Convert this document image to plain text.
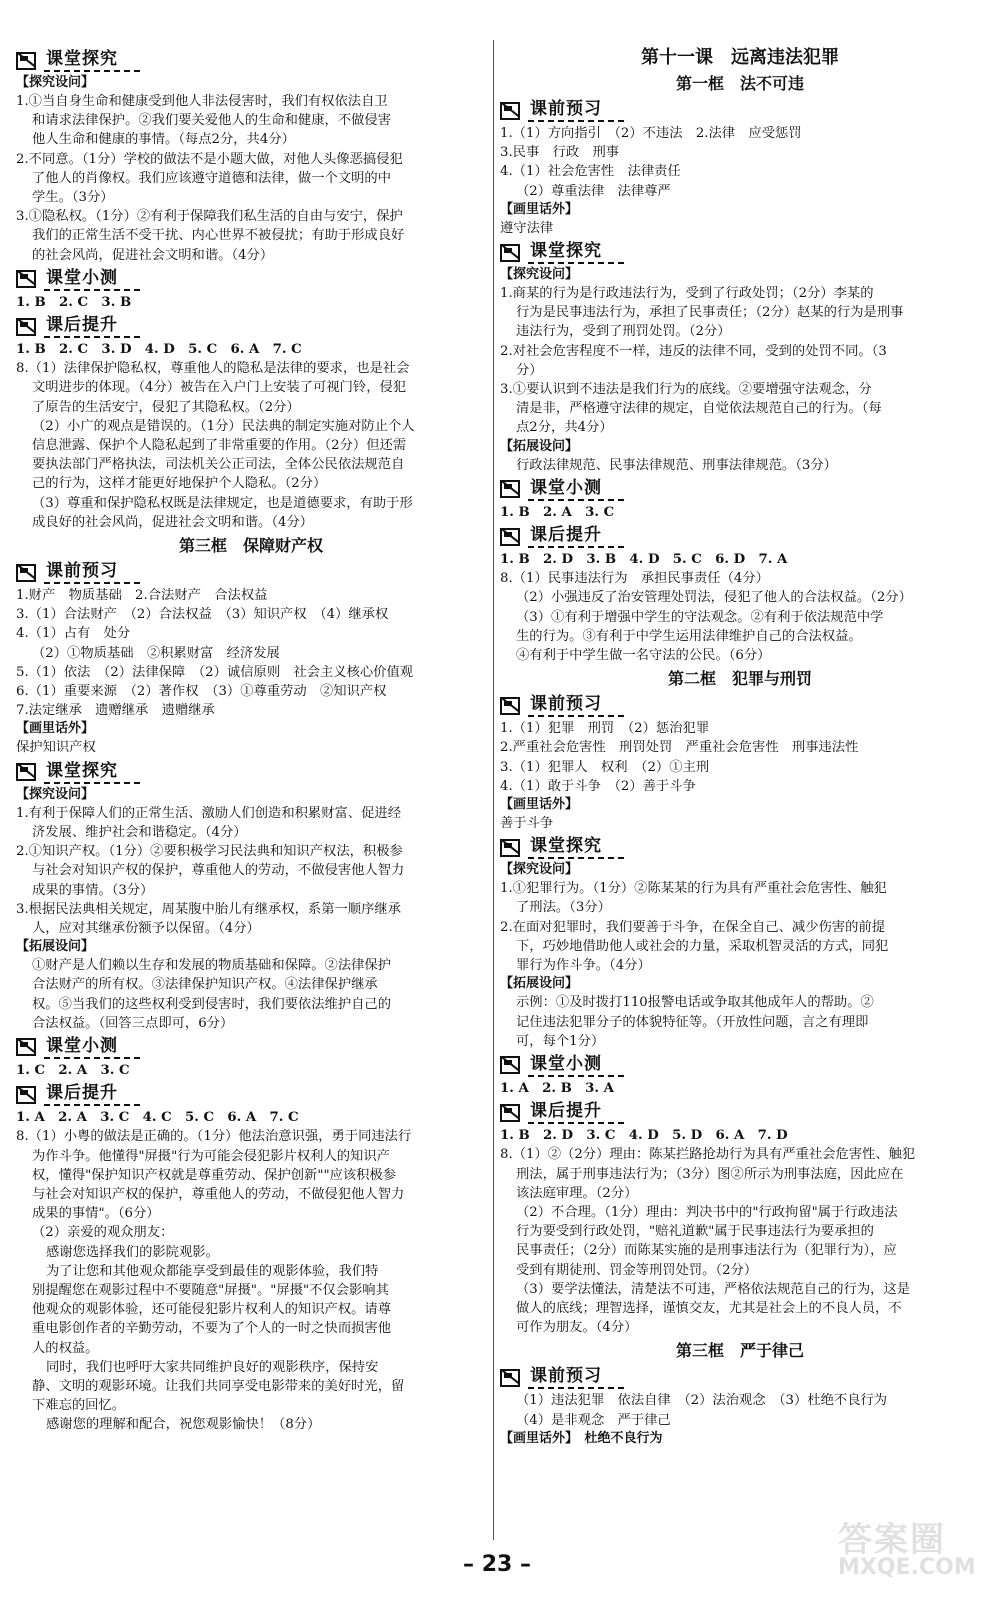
课堂探究
【探究设问】
1.①当自身生命和健康受到他人非法侵害时，我们有权依法自卫
和请求法律保护。②我们要关爱他人的生命和健康，不做侵害
他人生命和健康的事情。（每点2分，共4分）
2.不同意。（1分）学校的做法不是小题大做，对他人头像恶搞侵犯
了他人的肖像权。我们应该遵守道德和法律，做一个文明的中
学生。（3分）
3.①隐私权。（1分）②有利于保障我们私生活的自由与安宁，保护
我们的正常生活不受干扰、内心世界不被侵扰；有助于形成良好
的社会风尚，促进社会文明和谐。（4分）
课堂小测
1. B　2. C　3. B
课后提升
1. B　2. C　3. D　4. D　5. C　6. A　7. C
8.（1）法律保护隐私权，尊重他人的隐私是法律的要求，也是社会
文明进步的体现。（4分）被告在入户门上安装了可视门铃，侵犯
了原告的生活安宁，侵犯了其隐私权。（2分）
（2）小广的观点是错误的。（1分）民法典的制定实施对防止个人
信息泄露、保护个人隐私起到了非常重要的作用。（2分）但还需
要执法部门严格执法，司法机关公正司法，全体公民依法规范自
己的行为，这样才能更好地保护个人隐私。（2分）
（3）尊重和保护隐私权既是法律规定，也是道德要求，有助于形
成良好的社会风尚，促进社会文明和谐。（4分）
第三框　保障财产权
课前预习
1.财产　物质基础　2.合法财产　合法权益
3.（1）合法财产　（2）合法权益　（3）知识产权　（4）继承权
4.（1）占有　处分
（2）①物质基础　②积累财富　经济发展
5.（1）依法　（2）法律保障　（2）诚信原则　社会主义核心价值观
6.（1）重要来源　（2）著作权　（3）①尊重劳动　②知识产权
7.法定继承　遗赠继承　遗赠继承
【画里话外】
保护知识产权
课堂探究
【探究设问】
1.有利于保障人们的正常生活、激励人们创造和积累财富、促进经
济发展、维护社会和谐稳定。（4分）
2.①知识产权。（1分）②要积极学习民法典和知识产权法，积极参
与社会对知识产权的保护，尊重他人的劳动，不做侵害他人智力
成果的事情。（3分）
3.根据民法典相关规定，周某腹中胎儿有继承权，系第一顺序继承
人，应对其继承份额予以保留。（4分）
【拓展设问】
①财产是人们赖以生存和发展的物质基础和保障。②法律保护
合法财产的所有权。③法律保护知识产权。④法律保护继承
权。⑤当我们的这些权利受到侵害时，我们要依法维护自己的
合法权益。（回答三点即可，6分）
课堂小测
1. C　2. A　3. C
课后提升
1. A　2. A　3. C　4. C　5. C　6. A　7. C
8.（1）小粤的做法是正确的。（1分）他法治意识强，勇于同违法行
为作斗争。他懂得"屏摄"行为可能会侵犯影片权利人的知识产
权，懂得"保护知识产权就是尊重劳动、保护创新""应该积极参
与社会对知识产权的保护，尊重他人的劳动，不做侵犯他人智力
成果的事情"。（6分）
（2）亲爱的观众朋友：
感谢您选择我们的影院观影。
为了让您和其他观众都能享受到最佳的观影体验，我们特
别提醒您在观影过程中不要随意"屏摄"。"屏摄"不仅会影响其
他观众的观影体验，还可能侵犯影片权利人的知识产权。请尊
重电影创作者的辛勤劳动，不要为了个人的一时之快而损害他
人的权益。
同时，我们也呼吁大家共同维护良好的观影秩序，保持安
静、文明的观影环境。让我们共同享受电影带来的美好时光，留
下难忘的回忆。
感谢您的理解和配合，祝您观影愉快！（8分）
第十一课　远离违法犯罪
第一框　法不可违
课前预习
1.（1）方向指引　（2）不违法　2.法律　应受惩罚
3.民事　行政　刑事
4.（1）社会危害性　法律责任
（2）尊重法律　法律尊严
【画里话外】
遵守法律
课堂探究
【探究设问】
1.商某的行为是行政违法行为，受到了行政处罚；（2分）李某的
行为是民事违法行为，承担了民事责任；（2分）赵某的行为是刑事
违法行为，受到了刑罚处罚。（2分）
2.对社会危害程度不一样，违反的法律不同，受到的处罚不同。（3
分）
3.①要认识到不违法是我们行为的底线。②要增强守法观念，分
清是非，严格遵守法律的规定，自觉依法规范自己的行为。（每
点2分，共4分）
【拓展设问】
行政法律规范、民事法律规范、刑事法律规范。（3分）
课堂小测
1. B　2. A　3. C
课后提升
1. B　2. D　3. B　4. D　5. C　6. D　7. A
8.（1）民事违法行为　承担民事责任（4分）
（2）小强违反了治安管理处罚法，侵犯了他人的合法权益。（2分）
（3）①有利于增强中学生的守法观念。②有利于依法规范中学
生的行为。③有利于中学生运用法律维护自己的合法权益。
④有利于中学生做一名守法的公民。（6分）
第二框　犯罪与刑罚
课前预习
1.（1）犯罪　刑罚　（2）惩治犯罪
2.严重社会危害性　刑罚处罚　严重社会危害性　刑事违法性
3.（1）犯罪人　权利　（2）①主刑
4.（1）敢于斗争　（2）善于斗争
【画里话外】
善于斗争
课堂探究
【探究设问】
1.①犯罪行为。（1分）②陈某某的行为具有严重社会危害性、触犯
了刑法。（3分）
2.在面对犯罪时，我们要善于斗争，在保全自己、减少伤害的前提
下，巧妙地借助他人或社会的力量，采取机智灵活的方式，同犯
罪行为作斗争。（4分）
【拓展设问】
示例：①及时拨打110报警电话或争取其他成年人的帮助。②
记住违法犯罪分子的体貌特征等。（开放性问题，言之有理即
可，每个1分）
课堂小测
1. A　2. B　3. A
课后提升
1. B　2. D　3. C　4. D　5. D　6. A　7. D
8.（1）②（2分）理由：陈某拦路抢劫行为具有严重社会危害性、触犯
刑法，属于刑事违法行为；（3分）图②所示为刑事法庭，因此应在
该法庭审理。（2分）
（2）不合理。（1分）理由：判决书中的"行政拘留"属于行政违法
行为要受到行政处罚，"赔礼道歉"属于民事违法行为要承担的
民事责任；（2分）而陈某实施的是刑事违法行为（犯罪行为），应
受到有期徒刑、罚金等刑罚处罚。（2分）
（3）要学法懂法，清楚法不可违，严格依法规范自己的行为，这是
做人的底线；理智选择，谨慎交友，尤其是社会上的不良人员，不
可作为朋友。（4分）
第三框　严于律己
课前预习
（1）违法犯罪　依法自律　（2）法治观念　（3）杜绝不良行为
（4）是非观念　严于律己
【画里话外】　杜绝不良行为
– 23 –
答案圈
MXQE.COM
